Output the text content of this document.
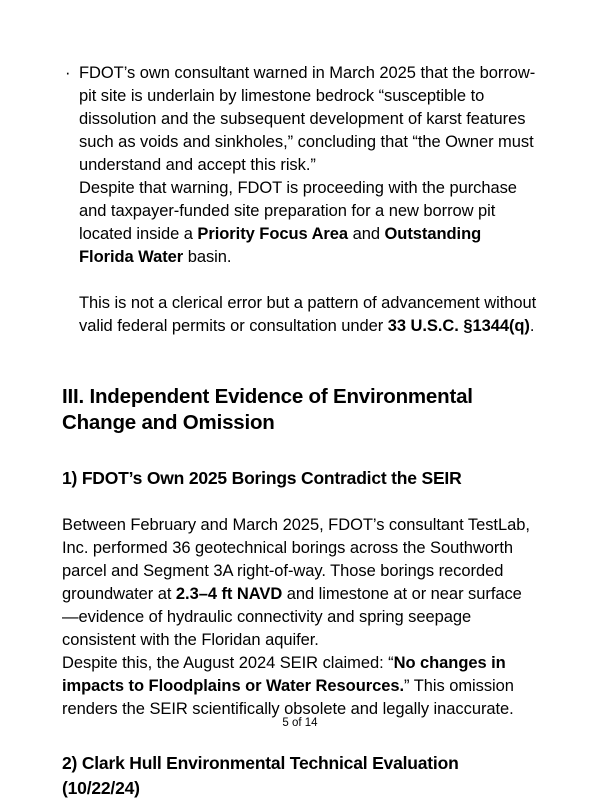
· FDOT’s own consultant warned in March 2025 that the borrow-pit site is underlain by limestone bedrock “susceptible to dissolution and the subsequent development of karst features such as voids and sinkholes,” concluding that “the Owner must understand and accept this risk.”

Despite that warning, FDOT is proceeding with the purchase and taxpayer-funded site preparation for a new borrow pit located inside a Priority Focus Area and Outstanding Florida Water basin.

This is not a clerical error but a pattern of advancement without valid federal permits or consultation under 33 U.S.C. §1344(q).

III. Independent Evidence of Environmental Change and Omission
1) FDOT’s Own 2025 Borings Contradict the SEIR

Between February and March 2025, FDOT’s consultant TestLab, Inc. performed 36 geotechnical borings across the Southworth parcel and Segment 3A right-of-way. Those borings recorded groundwater at 2.3–4 ft NAVD and limestone at or near surface—evidence of hydraulic connectivity and spring seepage consistent with the Floridan aquifer.

Despite this, the August 2024 SEIR claimed: “No changes in impacts to Floodplains or Water Resources.” This omission renders the SEIR scientifically obsolete and legally inaccurate.

2) Clark Hull Environmental Technical Evaluation (10/22/24)
5 of 14
